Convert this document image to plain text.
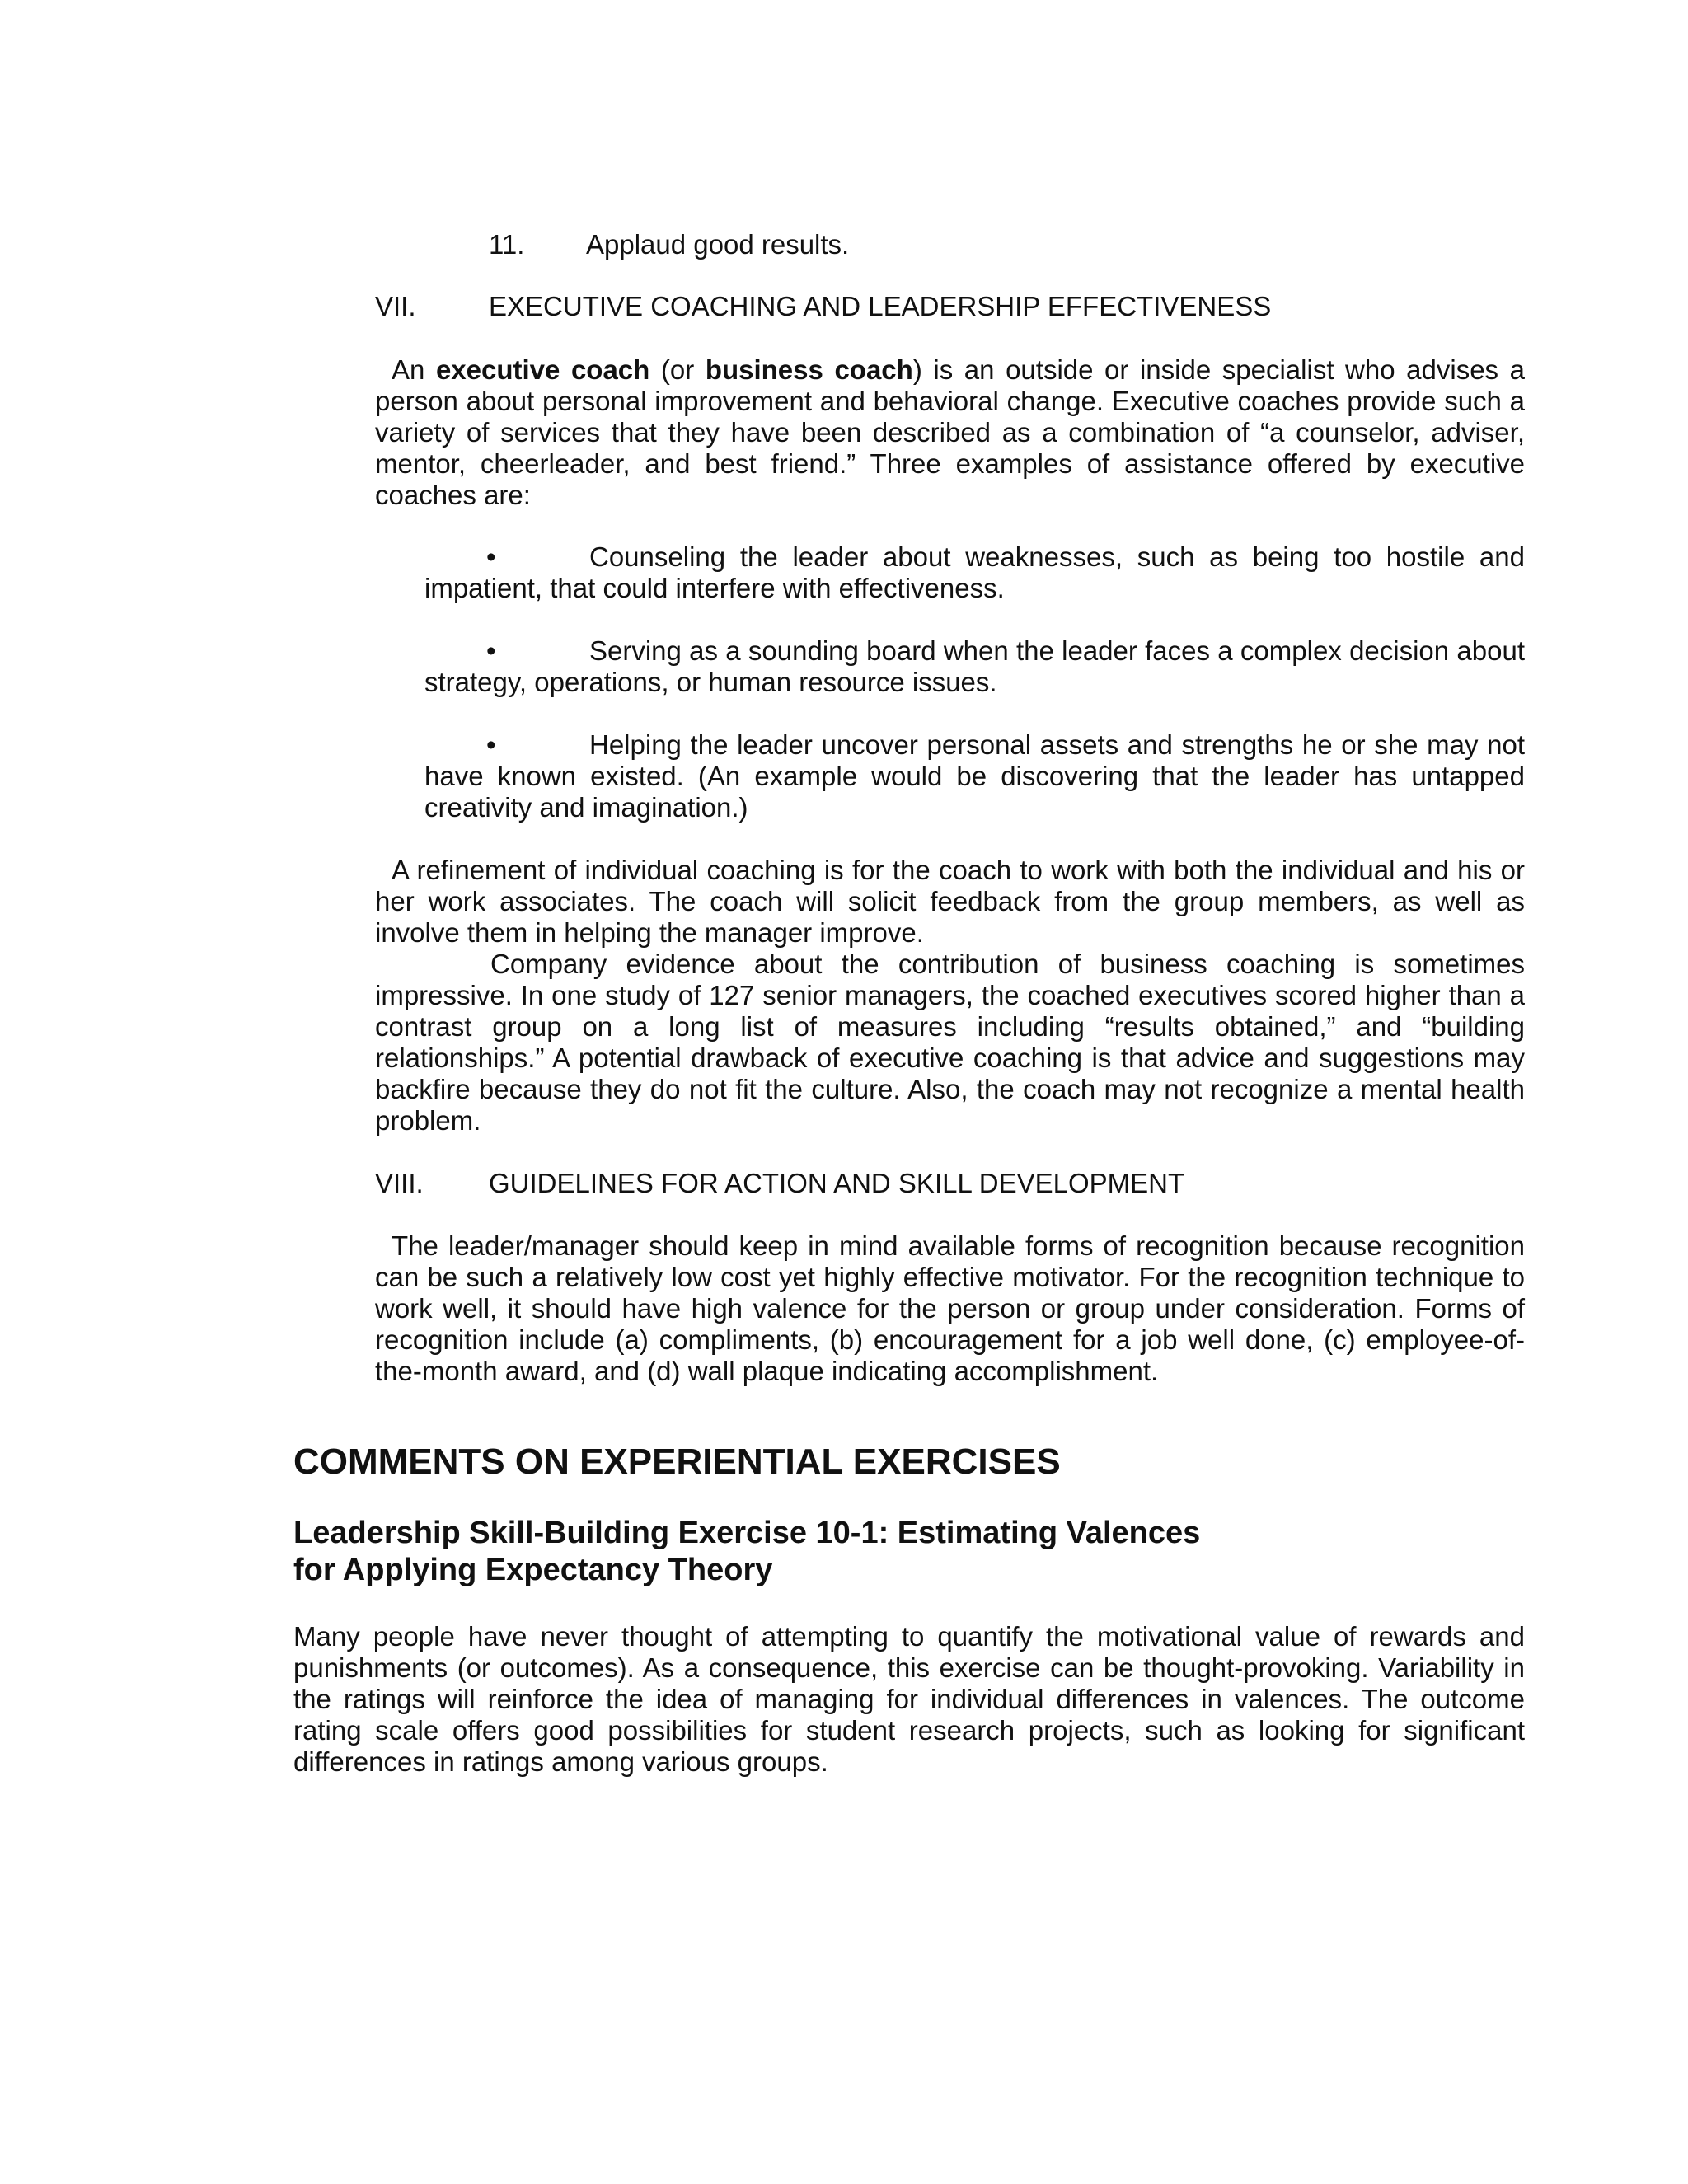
11. Applaud good results.
VII.	EXECUTIVE COACHING AND LEADERSHIP EFFECTIVENESS
An executive coach (or business coach) is an outside or inside specialist who advises a person about personal improvement and behavioral change. Executive coaches provide such a variety of services that they have been described as a combination of “a counselor, adviser, mentor, cheerleader, and best friend.” Three examples of assistance offered by executive coaches are:
•	Counseling the leader about weaknesses, such as being too hostile and impatient, that could interfere with effectiveness.
•	Serving as a sounding board when the leader faces a complex decision about strategy, operations, or human resource issues.
•	Helping the leader uncover personal assets and strengths he or she may not have known existed. (An example would be discovering that the leader has untapped creativity and imagination.)
A refinement of individual coaching is for the coach to work with both the individual and his or her work associates. The coach will solicit feedback from the group members, as well as involve them in helping the manager improve.
Company evidence about the contribution of business coaching is sometimes impressive. In one study of 127 senior managers, the coached executives scored higher than a contrast group on a long list of measures including “results obtained,” and “building relationships.” A potential drawback of executive coaching is that advice and suggestions may backfire because they do not fit the culture. Also, the coach may not recognize a mental health problem.
VIII. GUIDELINES FOR ACTION AND SKILL DEVELOPMENT
The leader/manager should keep in mind available forms of recognition because recognition can be such a relatively low cost yet highly effective motivator. For the recognition technique to work well, it should have high valence for the person or group under consideration. Forms of recognition include (a) compliments, (b) encouragement for a job well done, (c) employee-of-the-month award, and (d) wall plaque indicating accomplishment.
COMMENTS ON EXPERIENTIAL EXERCISES
Leadership Skill-Building Exercise 10-1: Estimating Valences
for Applying Expectancy Theory
Many people have never thought of attempting to quantify the motivational value of rewards and punishments (or outcomes). As a consequence, this exercise can be thought-provoking. Variability in the ratings will reinforce the idea of managing for individual differences in valences. The outcome rating scale offers good possibilities for student research projects, such as looking for significant differences in ratings among various groups.
